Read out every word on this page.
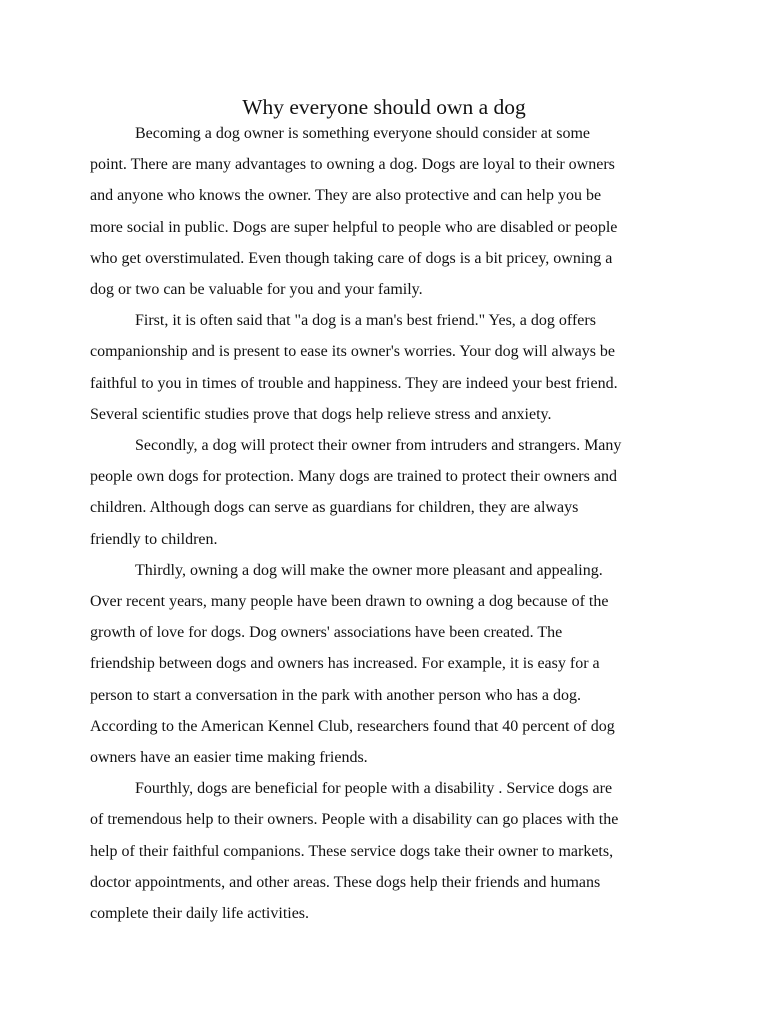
Why everyone should own a dog

Becoming a dog owner is something everyone should consider at some
point. There are many advantages to owning a dog. Dogs are loyal to their owners
and anyone who knows the owner. They are also protective and can help you be
more social in public. Dogs are super helpful to people who are disabled or people
who get overstimulated. Even though taking care of dogs is a bit pricey, owning a
dog or two can be valuable for you and your family.

First, it is often said that "a dog is a man's best friend." Yes, a dog offers
companionship and is present to ease its owner's worries. Your dog will always be
faithful to you in times of trouble and happiness. They are indeed your best friend.
Several scientific studies prove that dogs help relieve stress and anxiety.

Secondly, a dog will protect their owner from intruders and strangers. Many
people own dogs for protection. Many dogs are trained to protect their owners and
children. Although dogs can serve as guardians for children, they are always
friendly to children.

Thirdly, owning a dog will make the owner more pleasant and appealing.
Over recent years, many people have been drawn to owning a dog because of the
growth of love for dogs. Dog owners' associations have been created. The
friendship between dogs and owners has increased. For example, it is easy for a
person to start a conversation in the park with another person who has a dog.
According to the American Kennel Club, researchers found that 40 percent of dog
owners have an easier time making friends.

Fourthly, dogs are beneficial for people with a disability . Service dogs are
of tremendous help to their owners. People with a disability can go places with the
help of their faithful companions. These service dogs take their owner to markets,
doctor appointments, and other areas. These dogs help their friends and humans
complete their daily life activities.
